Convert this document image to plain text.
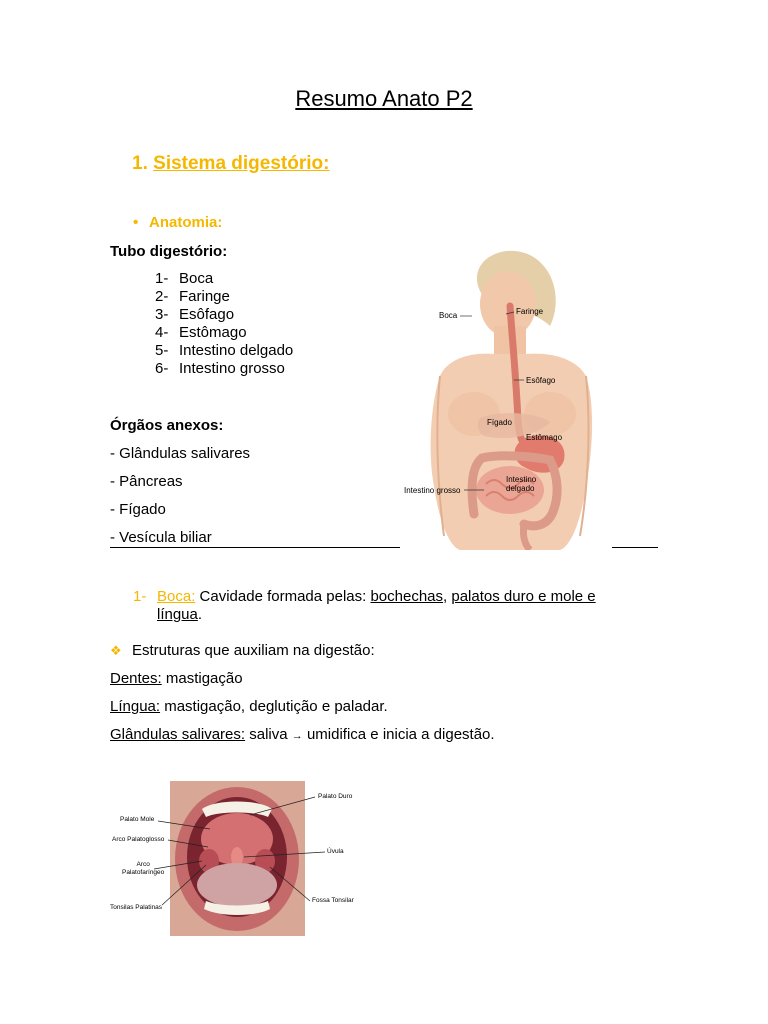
Resumo Anato P2
1. Sistema digestório:
• Anatomia:
Tubo digestório:
1- Boca
2- Faringe
3- Esôfago
4- Estômago
5- Intestino delgado
6- Intestino grosso
Órgãos anexos:
- Glândulas salivares
- Pâncreas
- Fígado
- Vesícula biliar
Boca	Faringe
Esôfago
Fígado
Estômago
Intestino grosso
Intestino
delgado
1- Boca: Cavidade formada pelas: bochechas, palatos duro e mole e
língua.
❖ Estruturas que auxiliam na digestão:
Dentes: mastigação
Língua: mastigação, deglutição e paladar.
Glândulas salivares: saliva → umidifica e inicia a digestão.
Palato Mole
Arco Palatoglosso
Arco
Palatofaríngeo
Tonsilas Palatinas
Palato Duro
Úvula
Fossa Tonsilar
